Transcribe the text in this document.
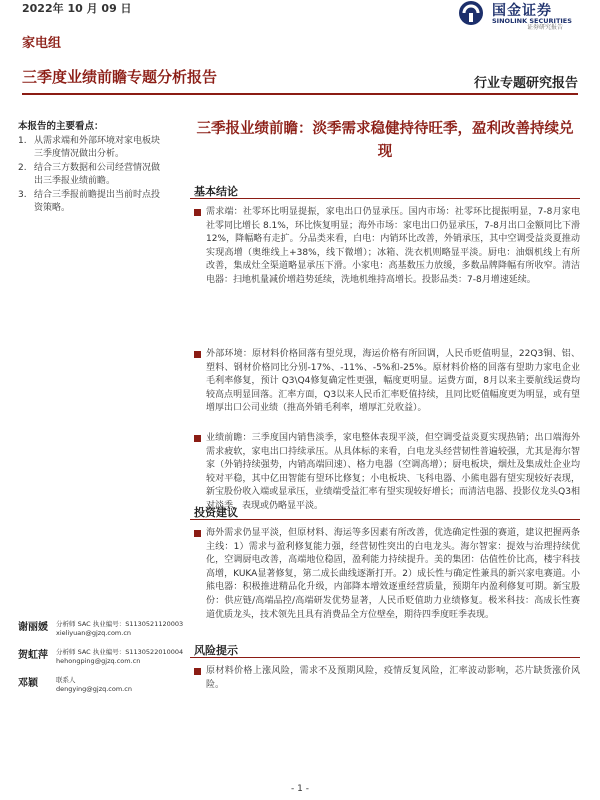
2022年 10 月 09 日
家电组
国金证券
SINOLINK SECURITIES
证券研究报告
三季度业绩前瞻专题分析报告	行业专题研究报告
本报告的主要看点：
1. 从需求端和外部环境对家电板块三季度情况做出分析。
2. 结合三方数据和公司经营情况做出三季报业绩前瞻。
3. 结合三季报前瞻提出当前时点投资策略。
谢丽媛 分析师 SAC 执业编号：S1130521120003
xieliyuan@gjzq.com.cn
贺虹萍 分析师 SAC 执业编号：S1130522010004
hehongping@gjzq.com.cn
邓颖	联系人
dengying@gjzq.com.cn
三季报业绩前瞻：淡季需求稳健持待旺季，盈利改善持续兑现
基本结论
需求端：社零环比明显提振，家电出口仍显承压。国内市场：社零环比提振明显，7-8月家电社零同比增长 8.1%，环比恢复明显；海外市场：家电出口仍显承压，7-8月出口金额同比下滑 12%，降幅略有走扩。分品类来看，白电：内销环比改善，外销承压，其中空调受益炎夏推动实现高增（奥维线上+38%，线下微增）；冰箱、洗衣机则略显平淡。厨电：油烟机线上有所改善，集成灶全渠道略显承压下滑。小家电：高基数压力放缓，多数品牌降幅有所收窄。清洁电器：扫地机量减价增趋势延续，洗地机维持高增长。投影品类：7-8月增速延续。
外部环境：原材料价格回落有望兑现，海运价格有所回调，人民币贬值明显，22Q3铜、铝、塑料、钢材价格同比分别-17%、-11%、-5%和-25%。原材料价格的回落有望助力家电企业毛利率修复，预计 Q3\Q4修复确定性更强，幅度更明显。运费方面，8月以来主要航线运费均较高点明显回落。汇率方面，Q3以来人民币汇率贬值持续，且同比贬值幅度更为明显，或有望增厚出口公司业绩（推高外销毛利率，增厚汇兑收益）。
业绩前瞻：三季度国内销售淡季，家电整体表现平淡，但空调受益炎夏实现热销；出口端海外需求疲软，家电出口持续承压。从具体标的来看，白电龙头经营韧性普遍较强，尤其是海尔智家（外销持续强势，内销高端回速）、格力电器（空调高增）；厨电板块，烟灶及集成灶企业均较对平稳，其中亿田智能有望环比修复；小电板块、飞科电器、小熊电器有望实现较好表现，新宝股份收入端或显承压，业绩端受益汇率有望实现较好增长；而清洁电器、投影仪龙头Q3相对淡季，表现或仍略显平淡。
投资建议
海外需求仍显平淡，但原材料、海运等多因素有所改善，优选确定性强的赛道，建议把握两条主线：1）需求与盈利修复能力强，经营韧性突出的白电龙头。海尔智家：提效与治理持续优化，空调厨电改善，高端地位稳固，盈利能力持续提升。美的集团：估值性价比高，楼宇科技高增，KUKA显著修复，第二成长曲线逐渐打开。2）成长性与确定性兼具的新兴家电赛道。小熊电器：积极推进精品化升级，内部降本增效逐重经营质量，预期年内盈利修复可期。新宝股份：供应链/高端品控/高端研发优势显著，人民币贬值助力业绩修复。极米科技：高成长性赛道优质龙头，技术领先且具有消费品全方位壁垒，期待四季度旺季表现。
风险提示
原材料价格上涨风险，需求不及预期风险，疫情反复风险，汇率波动影响，芯片缺货涨价风险。
- 1 -
